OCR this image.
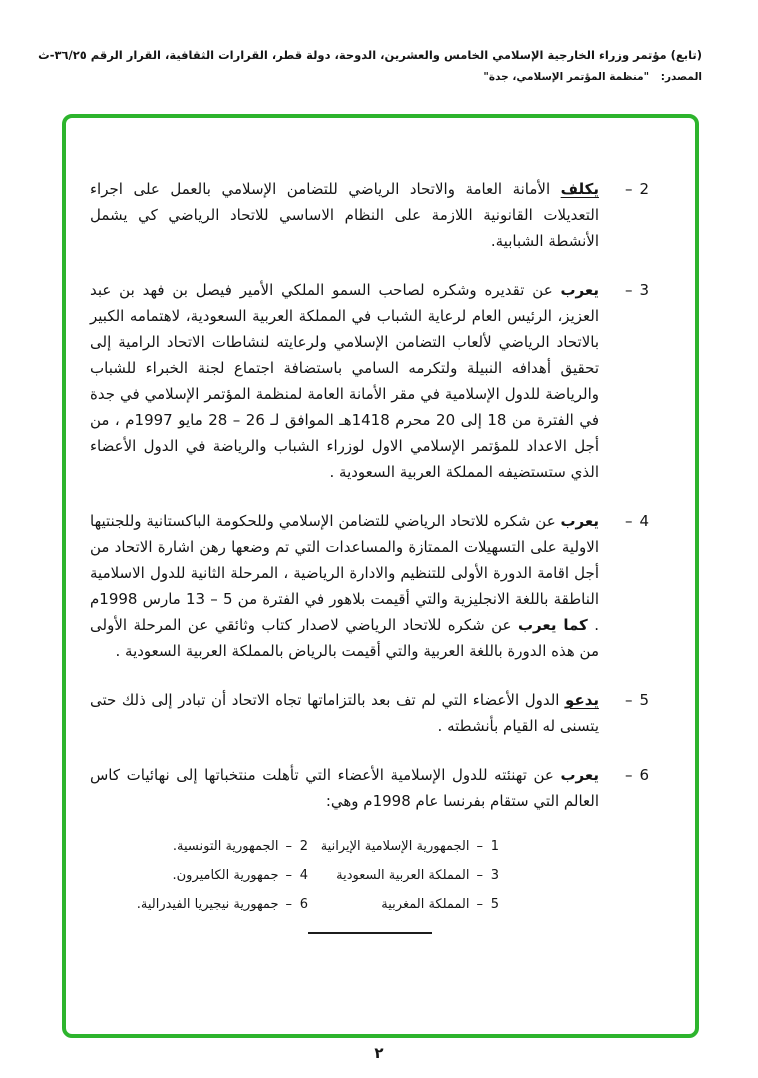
(تابع) مؤتمر وزراء الخارجية الإسلامي الخامس والعشرين، الدوحة، دولة قطر، القرارات الثقافية، القرار الرقم ٣٦/٢٥-ث
المصدر: "منظمة المؤتمر الإسلامي، جدة"
2
–

يكلف الأمانة العامة والاتحاد الرياضي للتضامن الإسلامي بالعمل على اجراء التعديلات القانونية اللازمة على النظام الاساسي للاتحاد الرياضي كي يشمل الأنشطة الشبابية.

3
–

يعرب عن تقديره وشكره لصاحب السمو الملكي الأمير فيصل بن فهد بن عبد العزيز، الرئيس العام لرعاية الشباب في المملكة العربية السعودية، لاهتمامه الكبير بالاتحاد الرياضي لألعاب التضامن الإسلامي ولرعايته لنشاطات الاتحاد الرامية إلى تحقيق أهدافه النبيلة ولتكرمه السامي باستضافة اجتماع لجنة الخبراء للشباب والرياضة للدول الإسلامية في مقر الأمانة العامة لمنظمة المؤتمر الإسلامي في جدة في الفترة من 18 إلى 20 محرم 1418هـ الموافق لـ 26 – 28 مايو 1997م ، من أجل الاعداد للمؤتمر الإسلامي الاول لوزراء الشباب والرياضة في الدول الأعضاء الذي ستستضيفه المملكة العربية السعودية .

4
–

يعرب عن شكره للاتحاد الرياضي للتضامن الإسلامي وللحكومة الباكستانية وللجنتيها الاولية على التسهيلات الممتازة والمساعدات التي تم وضعها رهن اشارة الاتحاد من أجل اقامة الدورة الأولى للتنظيم والادارة الرياضية ، المرحلة الثانية للدول الاسلامية الناطقة باللغة الانجليزية والتي أقيمت بلاهور في الفترة من 5 – 13 مارس 1998م . كما يعرب عن شكره للاتحاد الرياضي لاصدار كتاب وثائقي عن المرحلة الأولى من هذه الدورة باللغة العربية والتي أقيمت بالرياض بالمملكة العربية السعودية .

5
–

يدعو الدول الأعضاء التي لم تف بعد بالتزاماتها تجاه الاتحاد أن تبادر إلى ذلك حتى يتسنى له القيام بأنشطته .

6
–

يعرب عن تهنئته للدول الإسلامية الأعضاء التي تأهلت منتخباتها إلى نهائيات كاس العالم التي ستقام بفرنسا عام 1998م وهي:

1
–
الجمهورية الإسلامية الإيرانية
2
–
الجمهورية التونسية.
3
–
المملكة العربية السعودية
4
–
جمهورية الكاميرون.
5
–
المملكة المغربية
6
–
جمهورية نيجيريا الفيدرالية.
٢
